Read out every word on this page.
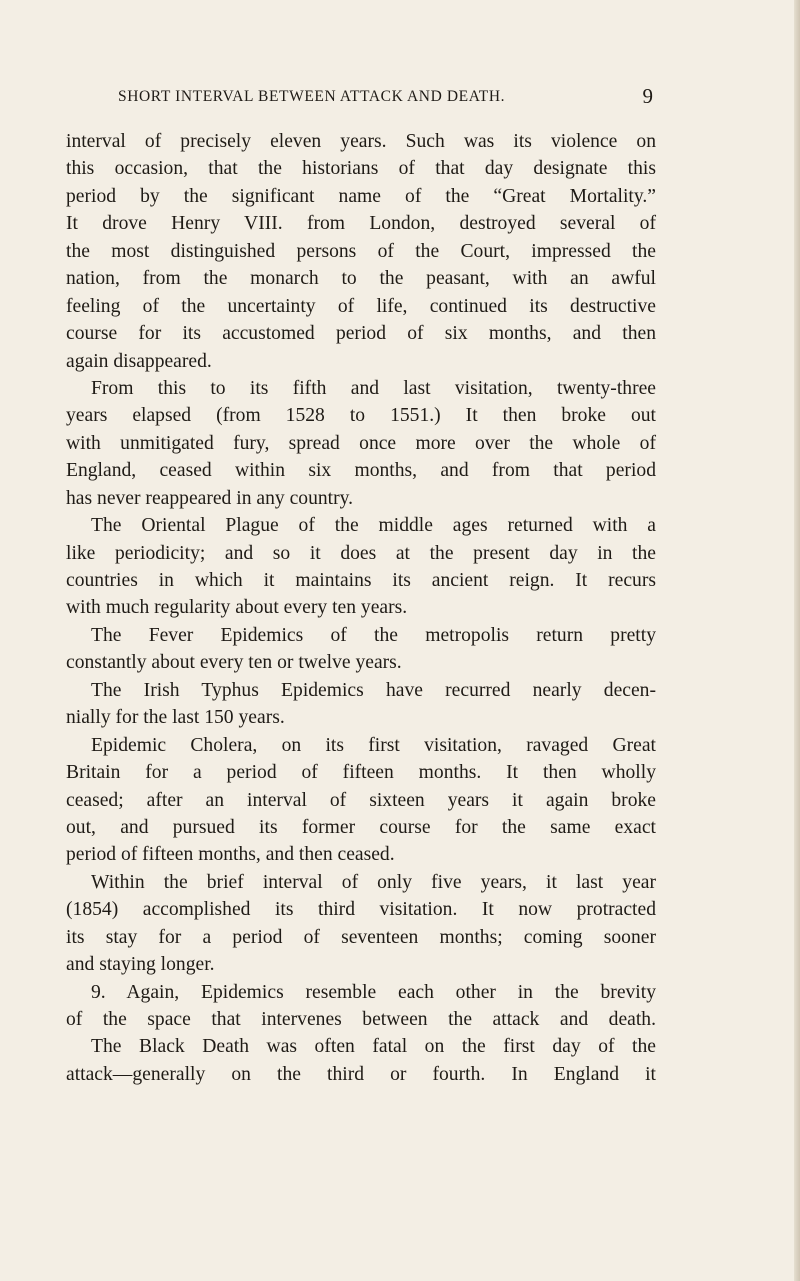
SHORT INTERVAL BETWEEN ATTACK AND DEATH.	9
interval of precisely eleven years. Such was its violence on
this occasion, that the historians of that day designate this
period by the significant name of the “Great Mortality.”
It drove Henry VIII. from London, destroyed several of
the most distinguished persons of the Court, impressed the
nation, from the monarch to the peasant, with an awful
feeling of the uncertainty of life, continued its destructive
course for its accustomed period of six months, and then
again disappeared.
From this to its fifth and last visitation, twenty-three
years elapsed (from 1528 to 1551.) It then broke out
with unmitigated fury, spread once more over the whole of
England, ceased within six months, and from that period
has never reappeared in any country.
The Oriental Plague of the middle ages returned with a
like periodicity; and so it does at the present day in the
countries in which it maintains its ancient reign. It recurs
with much regularity about every ten years.
The Fever Epidemics of the metropolis return pretty
constantly about every ten or twelve years.
The Irish Typhus Epidemics have recurred nearly decen-
nially for the last 150 years.
Epidemic Cholera, on its first visitation, ravaged Great
Britain for a period of fifteen months. It then wholly
ceased; after an interval of sixteen years it again broke
out, and pursued its former course for the same exact
period of fifteen months, and then ceased.
Within the brief interval of only five years, it last year
(1854) accomplished its third visitation. It now protracted
its stay for a period of seventeen months; coming sooner
and staying longer.
9. Again, Epidemics resemble each other in the brevity
of the space that intervenes between the attack and death.
The Black Death was often fatal on the first day of the
attack—generally on the third or fourth. In England it
